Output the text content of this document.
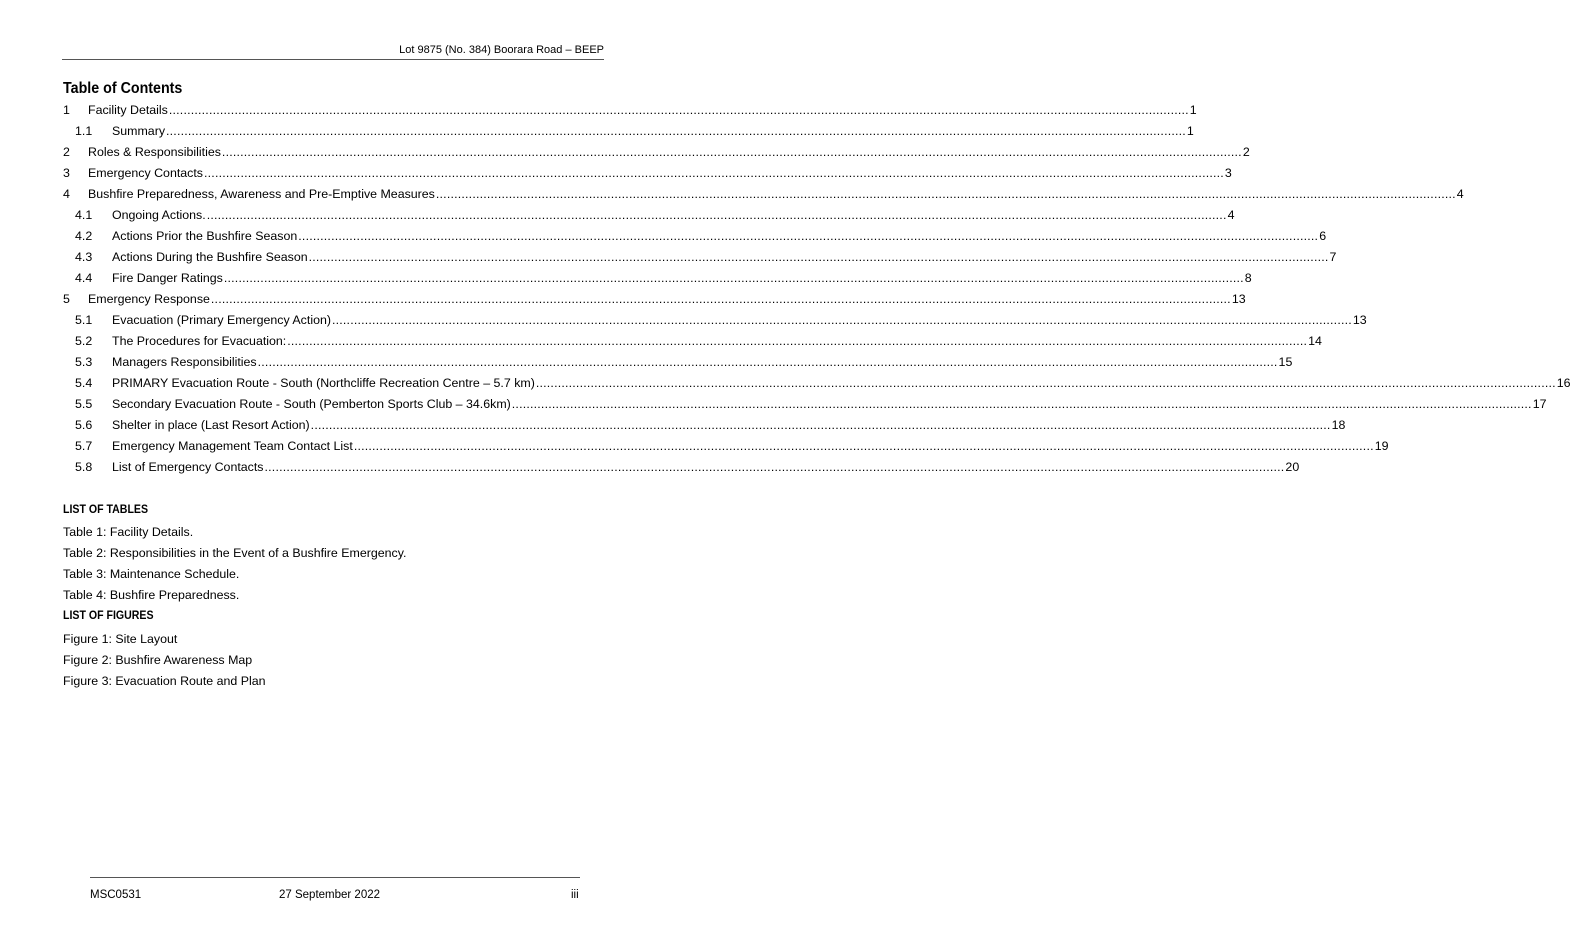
Lot 9875 (No. 384) Boorara Road – BEEP
Table of Contents
1	Facility Details .....	1
1.1	Summary .....	1
2	Roles & Responsibilities .....	2
3	Emergency Contacts .....	3
4	Bushfire Preparedness, Awareness and Pre-Emptive Measures .....	4
4.1	Ongoing Actions. .....	4
4.2	Actions Prior the Bushfire Season .....	6
4.3	Actions During the Bushfire Season .....	7
4.4	Fire Danger Ratings .....	8
5	Emergency Response .....	13
5.1	Evacuation (Primary Emergency Action) .....	13
5.2	The Procedures for Evacuation: .....	14
5.3	Managers Responsibilities .....	15
5.4	PRIMARY Evacuation Route - South (Northcliffe Recreation Centre – 5.7 km) .....	16
5.5	Secondary Evacuation Route - South (Pemberton Sports Club – 34.6km) .....	17
5.6	Shelter in place (Last Resort Action) .....	18
5.7	Emergency Management Team Contact List .....	19
5.8	List of Emergency Contacts .....	20
LIST OF TABLES
Table 1: Facility Details.
Table 2: Responsibilities in the Event of a Bushfire Emergency.
Table 3: Maintenance Schedule.
Table 4: Bushfire Preparedness.
LIST OF FIGURES
Figure 1: Site Layout
Figure 2: Bushfire Awareness Map
Figure 3: Evacuation Route and Plan
MSC0531	27 September 2022	iii
